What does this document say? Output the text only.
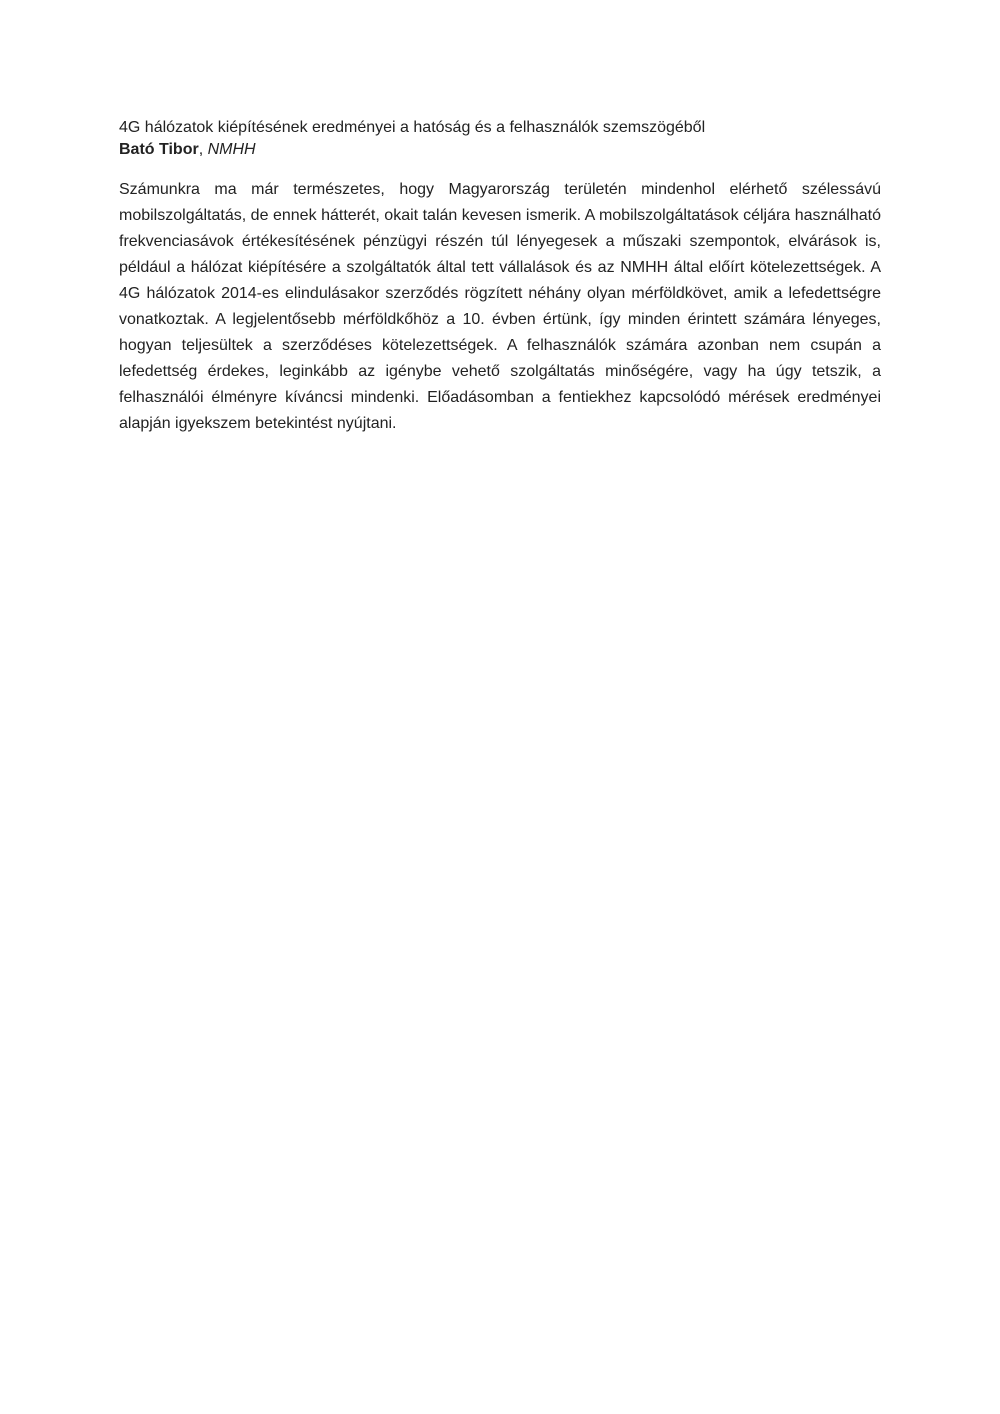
4G hálózatok kiépítésének eredményei a hatóság és a felhasználók szemszögéből

Bató Tibor, NMHH

Számunkra ma már természetes, hogy Magyarország területén mindenhol elérhető szélessávú mobilszolgáltatás, de ennek hátterét, okait talán kevesen ismerik. A mobilszolgáltatások céljára használható frekvenciasávok értékesítésének pénzügyi részén túl lényegesek a műszaki szempontok, elvárások is, például a hálózat kiépítésére a szolgáltatók által tett vállalások és az NMHH által előírt kötelezettségek. A 4G hálózatok 2014-es elindulásakor szerződés rögzített néhány olyan mérföldkövet, amik a lefedettségre vonatkoztak. A legjelentősebb mérföldkőhöz a 10. évben értünk, így minden érintett számára lényeges, hogyan teljesültek a szerződéses kötelezettségek. A felhasználók számára azonban nem csupán a lefedettség érdekes, leginkább az igénybe vehető szolgáltatás minőségére, vagy ha úgy tetszik, a felhasználói élményre kíváncsi mindenki. Előadásomban a fentiekhez kapcsolódó mérések eredményei alapján igyekszem betekintést nyújtani.
